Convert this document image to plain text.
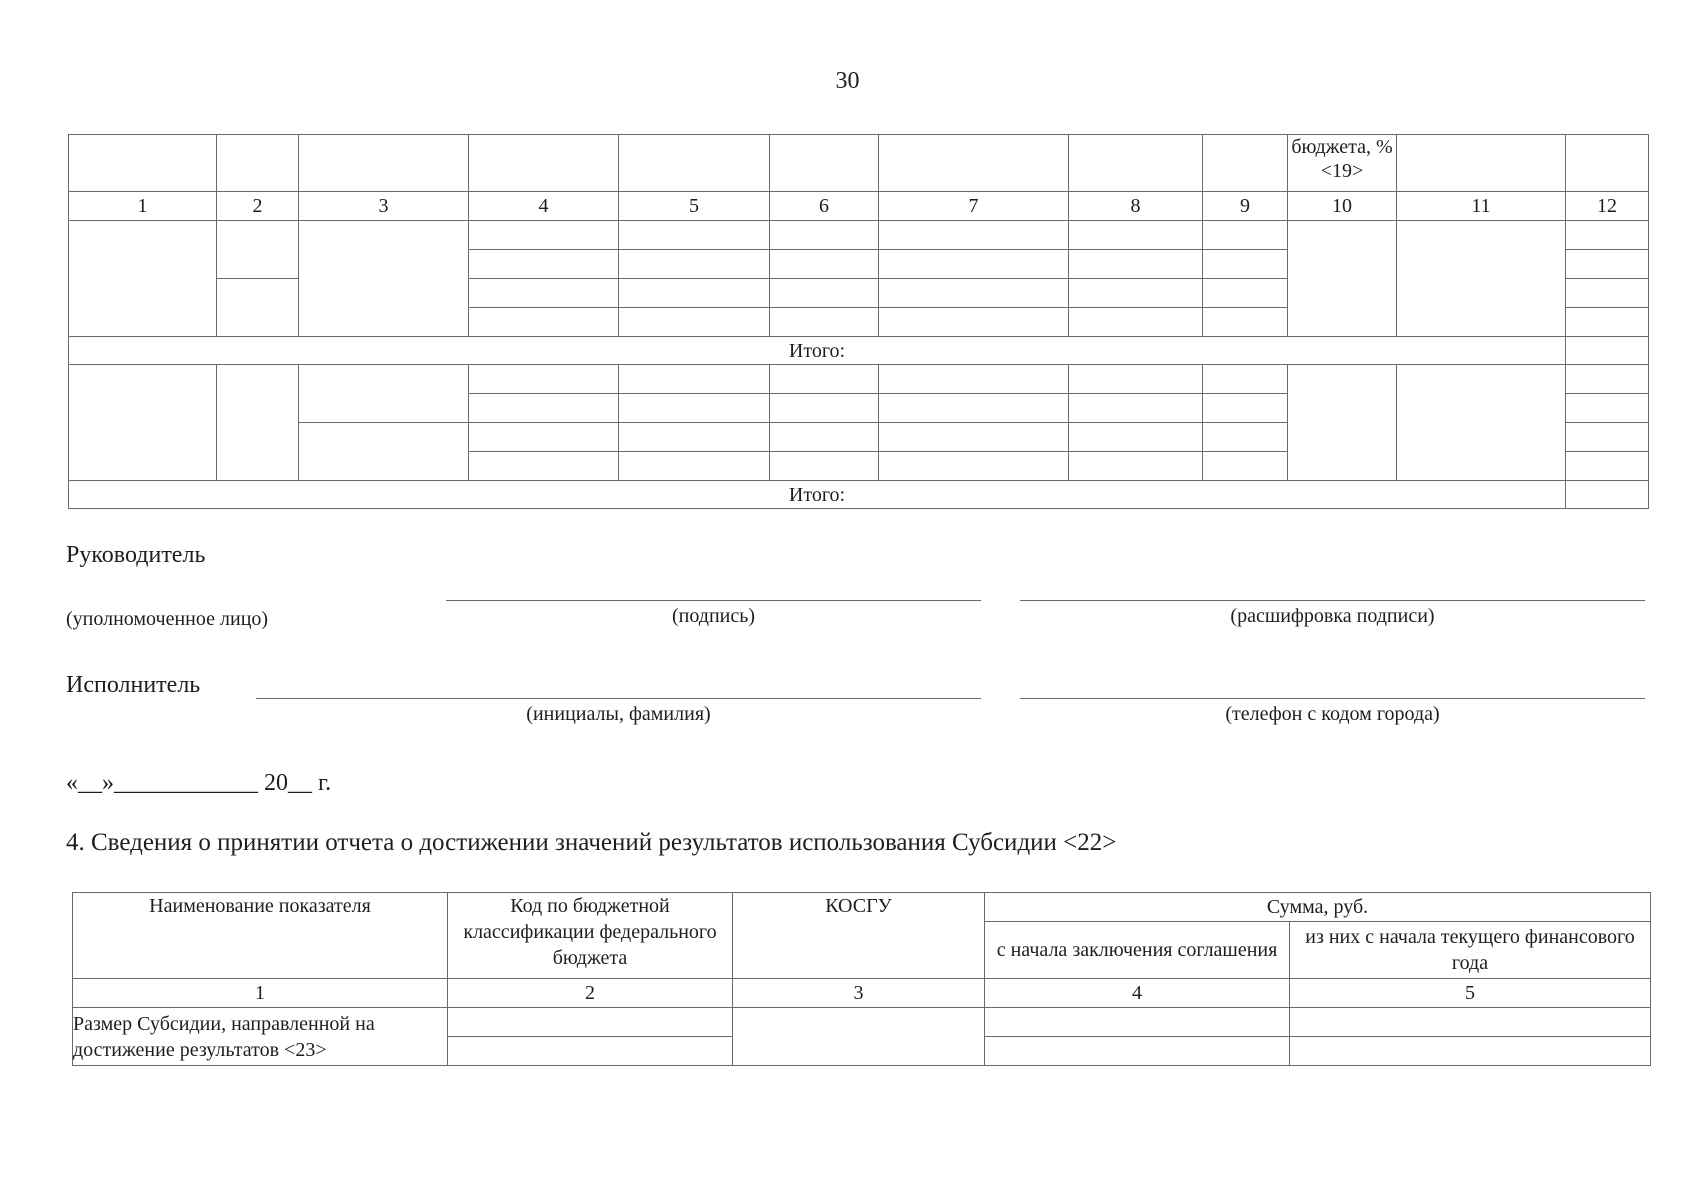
30
									бюджета, % <19>		
1	2	3	4	5	6	7	8	9	10	11	12

Итого:											

Итого:											
Руководитель
(уполномоченное лицо)	(подпись)	(расшифровка подписи)
Исполнитель
(инициалы, фамилия)	(телефон с кодом города)
«__»____________ 20__ г.
4. Сведения о принятии отчета о достижении значений результатов использования Субсидии <22>
Наименование показателя	Код по бюджетной классификации федерального бюджета	КОСГУ	Сумма, руб.	
			с начала заключения соглашения	из них с начала текущего финансового года
1	2	3	4	5
Размер Субсидии, направленной на достижение результатов <23>				
